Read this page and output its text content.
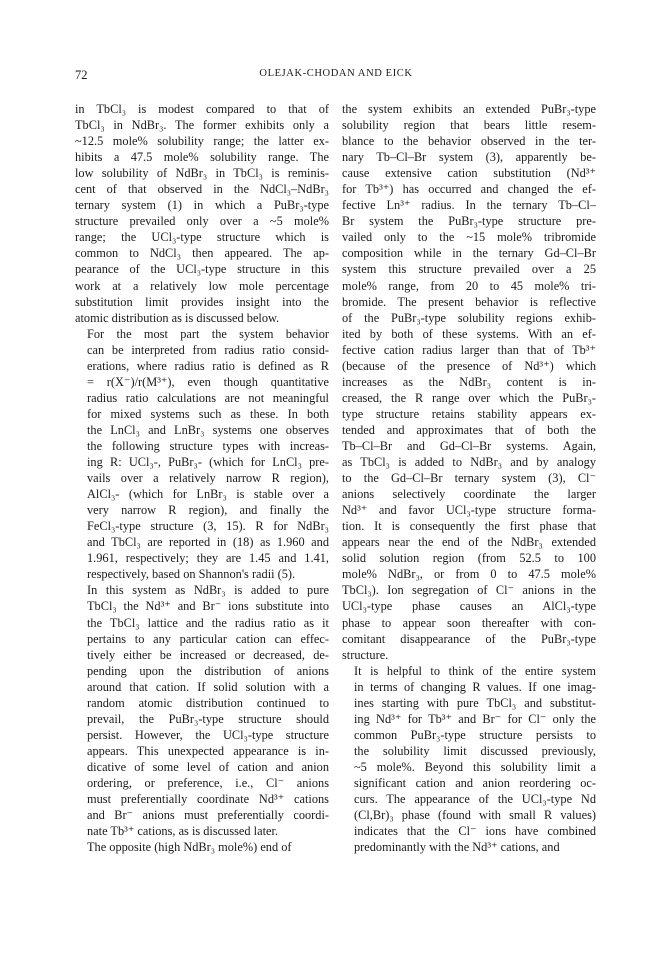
72	OLEJAK-CHODAN AND EICK

in TbCl₃ is modest compared to that of
TbCl₃ in NdBr₃. The former exhibits only a
~12.5 mole% solubility range; the latter ex-
hibits a 47.5 mole% solubility range. The
low solubility of NdBr₃ in TbCl₃ is reminis-
cent of that observed in the NdCl₃–NdBr₃
ternary system (1) in which a PuBr₃-type
structure prevailed only over a ~5 mole%
range; the UCl₃-type structure which is
common to NdCl₃ then appeared. The ap-
pearance of the UCl₃-type structure in this
work at a relatively low mole percentage
substitution limit provides insight into the
atomic distribution as is discussed below.

For the most part the system behavior
can be interpreted from radius ratio consid-
erations, where radius ratio is defined as R
= r(X⁻)/r(M³⁺), even though quantitative
radius ratio calculations are not meaningful
for mixed systems such as these. In both
the LnCl₃ and LnBr₃ systems one observes
the following structure types with increas-
ing R: UCl₃-, PuBr₃- (which for LnCl₃ pre-
vails over a relatively narrow R region),
AlCl₃- (which for LnBr₃ is stable over a
very narrow R region), and finally the
FeCl₃-type structure (3, 15). R for NdBr₃
and TbCl₃ are reported in (18) as 1.960 and
1.961, respectively; they are 1.45 and 1.41,
respectively, based on Shannon's radii (5).

In this system as NdBr₃ is added to pure
TbCl₃ the Nd³⁺ and Br⁻ ions substitute into
the TbCl₃ lattice and the radius ratio as it
pertains to any particular cation can effec-
tively either be increased or decreased, de-
pending upon the distribution of anions
around that cation. If solid solution with a
random atomic distribution continued to
prevail, the PuBr₃-type structure should
persist. However, the UCl₃-type structure
appears. This unexpected appearance is in-
dicative of some level of cation and anion
ordering, or preference, i.e., Cl⁻ anions
must preferentially coordinate Nd³⁺ cations
and Br⁻ anions must preferentially coordi-
nate Tb³⁺ cations, as is discussed later.

The opposite (high NdBr₃ mole%) end of

the system exhibits an extended PuBr₃-type
solubility region that bears little resem-
blance to the behavior observed in the ter-
nary Tb–Cl–Br system (3), apparently be-
cause extensive cation substitution (Nd³⁺
for Tb³⁺) has occurred and changed the ef-
fective Ln³⁺ radius. In the ternary Tb–Cl–
Br system the PuBr₃-type structure pre-
vailed only to the ~15 mole% tribromide
composition while in the ternary Gd–Cl–Br
system this structure prevailed over a 25
mole% range, from 20 to 45 mole% tri-
bromide. The present behavior is reflective
of the PuBr₃-type solubility regions exhib-
ited by both of these systems. With an ef-
fective cation radius larger than that of Tb³⁺
(because of the presence of Nd³⁺) which
increases as the NdBr₃ content is in-
creased, the R range over which the PuBr₃-
type structure retains stability appears ex-
tended and approximates that of both the
Tb–Cl–Br and Gd–Cl–Br systems. Again,
as TbCl₃ is added to NdBr₃ and by analogy
to the Gd–Cl–Br ternary system (3), Cl⁻
anions selectively coordinate the larger
Nd³⁺ and favor UCl₃-type structure forma-
tion. It is consequently the first phase that
appears near the end of the NdBr₃ extended
solid solution region (from 52.5 to 100
mole% NdBr₃, or from 0 to 47.5 mole%
TbCl₃). Ion segregation of Cl⁻ anions in the
UCl₃-type phase causes an AlCl₃-type
phase to appear soon thereafter with con-
comitant disappearance of the PuBr₃-type
structure.

It is helpful to think of the entire system
in terms of changing R values. If one imag-
ines starting with pure TbCl₃ and substitut-
ing Nd³⁺ for Tb³⁺ and Br⁻ for Cl⁻ only the
common PuBr₃-type structure persists to
the solubility limit discussed previously,
~5 mole%. Beyond this solubility limit a
significant cation and anion reordering oc-
curs. The appearance of the UCl₃-type Nd
(Cl,Br)₃ phase (found with small R values)
indicates that the Cl⁻ ions have combined
predominantly with the Nd³⁺ cations, and
